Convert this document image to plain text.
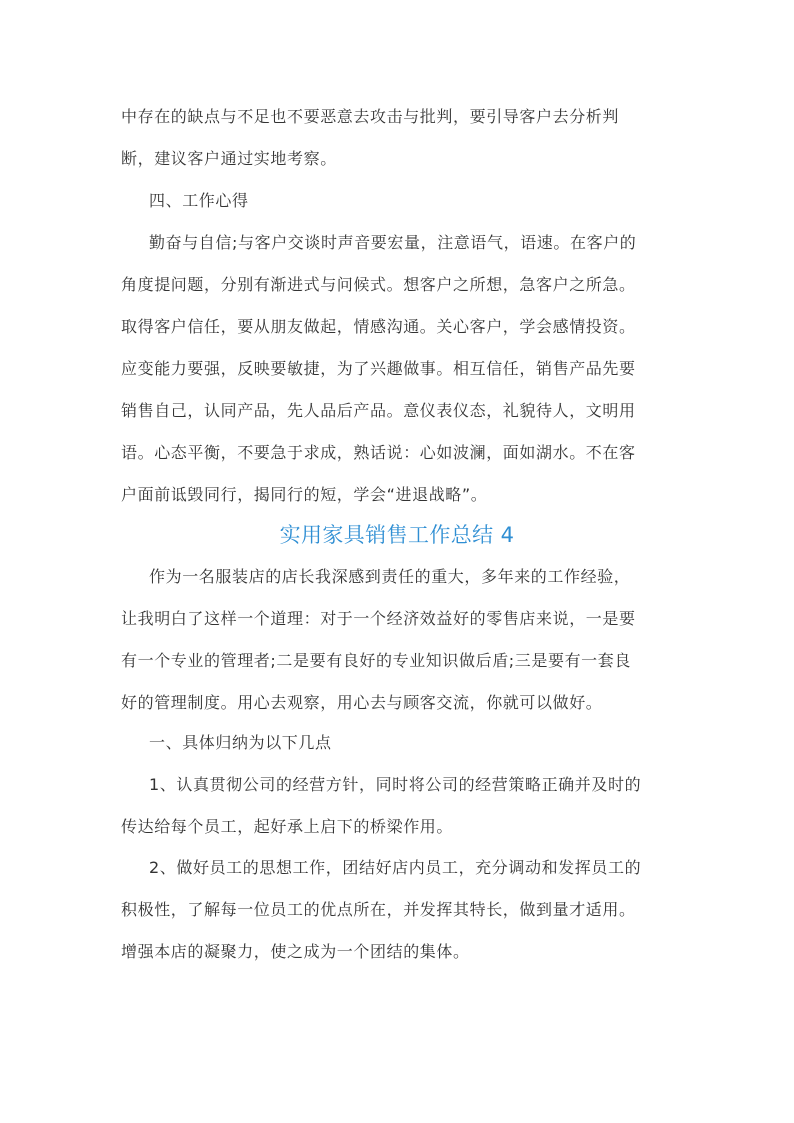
中存在的缺点与不足也不要恶意去攻击与批判，要引导客户去分析判
断，建议客户通过实地考察。
四、工作心得
勤奋与自信;与客户交谈时声音要宏量，注意语气，语速。在客户的
角度提问题，分别有渐进式与问候式。想客户之所想，急客户之所急。
取得客户信任，要从朋友做起，情感沟通。关心客户，学会感情投资。
应变能力要强，反映要敏捷，为了兴趣做事。相互信任，销售产品先要
销售自己，认同产品，先人品后产品。意仪表仪态，礼貌待人，文明用
语。心态平衡，不要急于求成，熟话说：心如波澜，面如湖水。不在客
户面前诋毁同行，揭同行的短，学会“进退战略”。
实用家具销售工作总结 4
作为一名服装店的店长我深感到责任的重大，多年来的工作经验，
让我明白了这样一个道理：对于一个经济效益好的零售店来说，一是要
有一个专业的管理者;二是要有良好的专业知识做后盾;三是要有一套良
好的管理制度。用心去观察，用心去与顾客交流，你就可以做好。
一、具体归纳为以下几点
1、认真贯彻公司的经营方针，同时将公司的经营策略正确并及时的
传达给每个员工，起好承上启下的桥梁作用。
2、做好员工的思想工作，团结好店内员工，充分调动和发挥员工的
积极性，了解每一位员工的优点所在，并发挥其特长，做到量才适用。
增强本店的凝聚力，使之成为一个团结的集体。
